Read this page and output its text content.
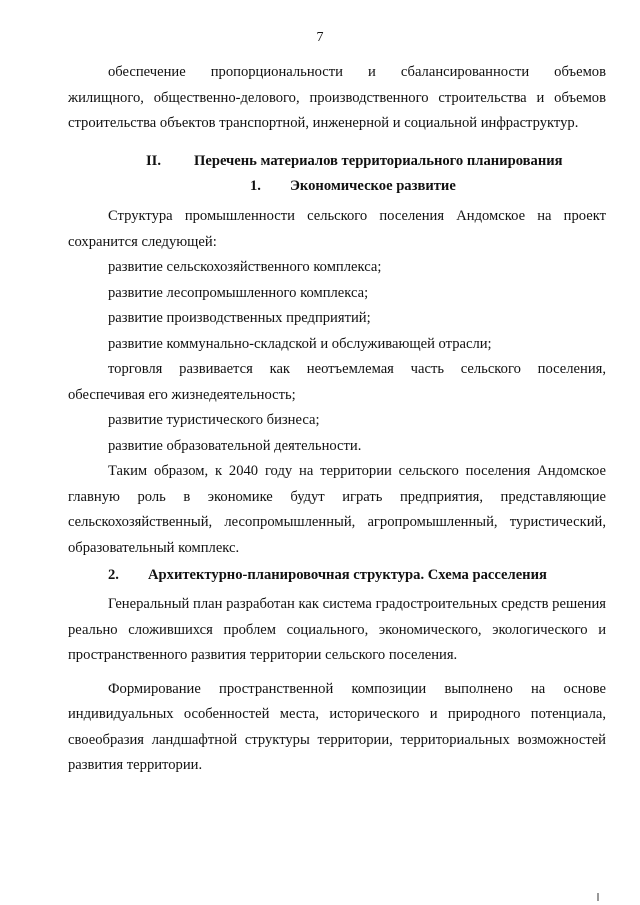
7

обеспечение пропорциональности и сбалансированности объемов

жилищного, общественно-делового, производственного строительства и объемов

строительства объектов транспортной, инженерной и социальной инфраструктур.

II. Перечень материалов территориального планирования
1. Экономическое развитие

Структура промышленности сельского поселения Андомское на проект сохранится следующей:

развитие сельскохозяйственного комплекса;

развитие лесопромышленного комплекса;

развитие производственных предприятий;

развитие коммунально-складской и обслуживающей отрасли;

торговля развивается как неотъемлемая часть сельского поселения, обеспечивая его жизнедеятельность;

развитие туристического бизнеса;

развитие образовательной деятельности.

Таким образом, к 2040 году на территории сельского поселения Андомское главную роль в экономике будут играть предприятия, представляющие сельскохозяйственный, лесопромышленный, агропромышленный, туристический, образовательный комплекс.

2. Архитектурно-планировочная структура. Схема расселения

Генеральный план разработан как система градостроительных средств решения реально сложившихся проблем социального, экономического, экологического и пространственного развития территории сельского поселения.

Формирование пространственной композиции выполнено на основе индивидуальных особенностей места, исторического и природного потенциала, своеобразия ландшафтной структуры территории, территориальных возможностей развития территории.
